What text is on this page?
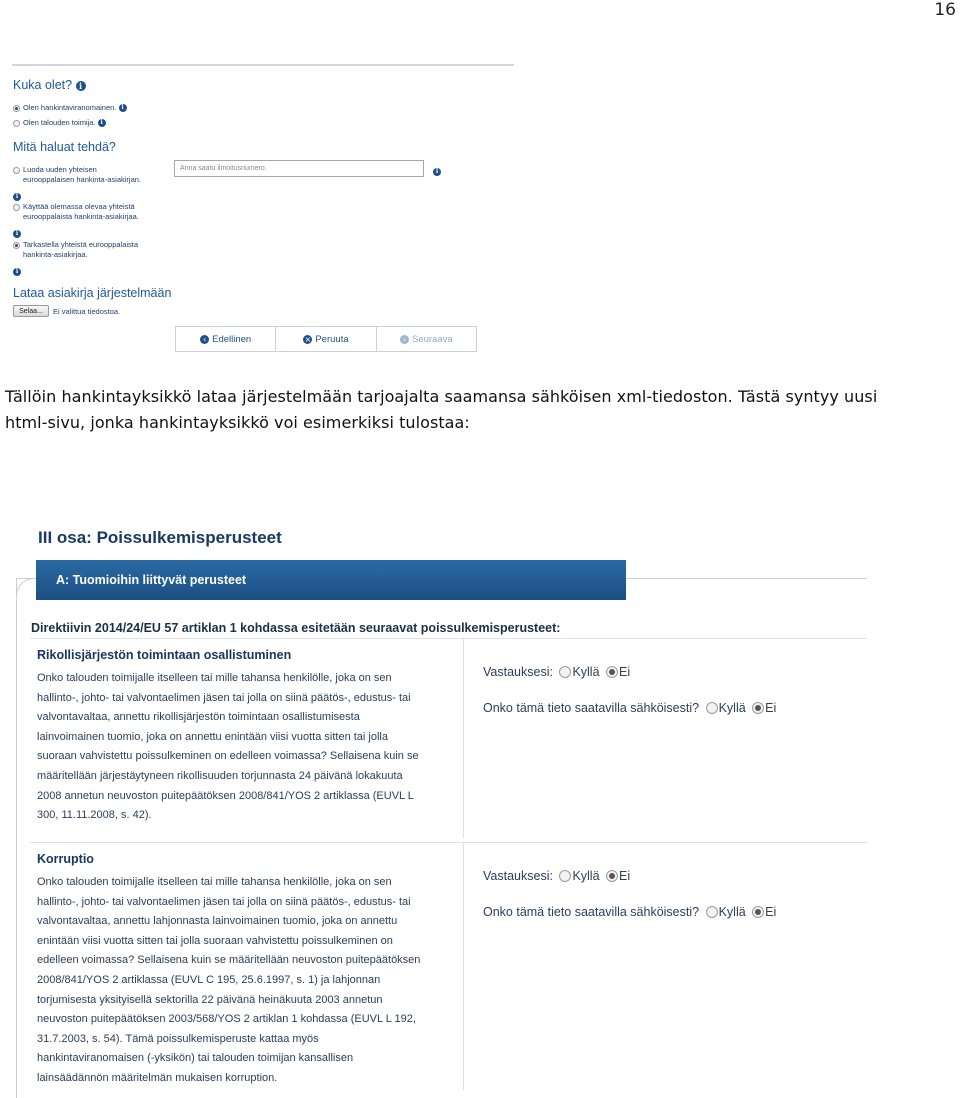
16
Kuka olet? i
Olen hankintaviranomainen. i
Olen talouden toimija. i
Mitä haluat tehdä?
Luoda uuden yhteisen
eurooppalaisen hankinta-asiakirjan.
i
Käyttää olemassa olevaa yhteistä
eurooppalaista hankinta-asiakirjaa.
i
Tarkastella yhteistä eurooppalaista
hankinta-asiakirjaa.
i
Anna saatu ilmoitusnumero.	i
Lataa asiakirja järjestelmään
Selaa...	Ei valittua tiedostoa.
‹ Edellinen	× Peruuta	› Seuraava
Tällöin hankintayksikkö lataa järjestelmään tarjoajalta saamansa sähköisen xml-tiedoston. Tästä syntyy uusi
html-sivu, jonka hankintayksikkö voi esimerkiksi tulostaa:
III osa: Poissulkemisperusteet
A: Tuomioihin liittyvät perusteet
Direktiivin 2014/24/EU 57 artiklan 1 kohdassa esitetään seuraavat poissulkemisperusteet:
Rikollisjärjestön toimintaan osallistuminen
Onko talouden toimijalle itselleen tai mille tahansa henkilölle, joka on sen
hallinto-, johto- tai valvontaelimen jäsen tai jolla on siinä päätös-, edustus- tai
valvontavaltaa, annettu rikollisjärjestön toimintaan osallistumisesta
lainvoimainen tuomio, joka on annettu enintään viisi vuotta sitten tai jolla
suoraan vahvistettu poissulkeminen on edelleen voimassa? Sellaisena kuin se
määritellään järjestäytyneen rikollisuuden torjunnasta 24 päivänä lokakuuta
2008 annetun neuvoston puitepäätöksen 2008/841/YOS 2 artiklassa (EUVL L
300, 11.11.2008, s. 42).
Vastauksesi: Kyllä Ei
Onko tämä tieto saatavilla sähköisesti? Kyllä Ei
Korruptio
Onko talouden toimijalle itselleen tai mille tahansa henkilölle, joka on sen
hallinto-, johto- tai valvontaelimen jäsen tai jolla on siinä päätös-, edustus- tai
valvontavaltaa, annettu lahjonnasta lainvoimainen tuomio, joka on annettu
enintään viisi vuotta sitten tai jolla suoraan vahvistettu poissulkeminen on
edelleen voimassa? Sellaisena kuin se määritellään neuvoston puitepäätöksen
2008/841/YOS 2 artiklassa (EUVL C 195, 25.6.1997, s. 1) ja lahjonnan
torjumisesta yksityisellä sektorilla 22 päivänä heinäkuuta 2003 annetun
neuvoston puitepäätöksen 2003/568/YOS 2 artiklan 1 kohdassa (EUVL L 192,
31.7.2003, s. 54). Tämä poissulkemisperuste kattaa myös
hankintaviranomaisen (-yksikön) tai talouden toimijan kansallisen
lainsäädännön määritelmän mukaisen korruption.
Vastauksesi: Kyllä Ei
Onko tämä tieto saatavilla sähköisesti? Kyllä Ei
